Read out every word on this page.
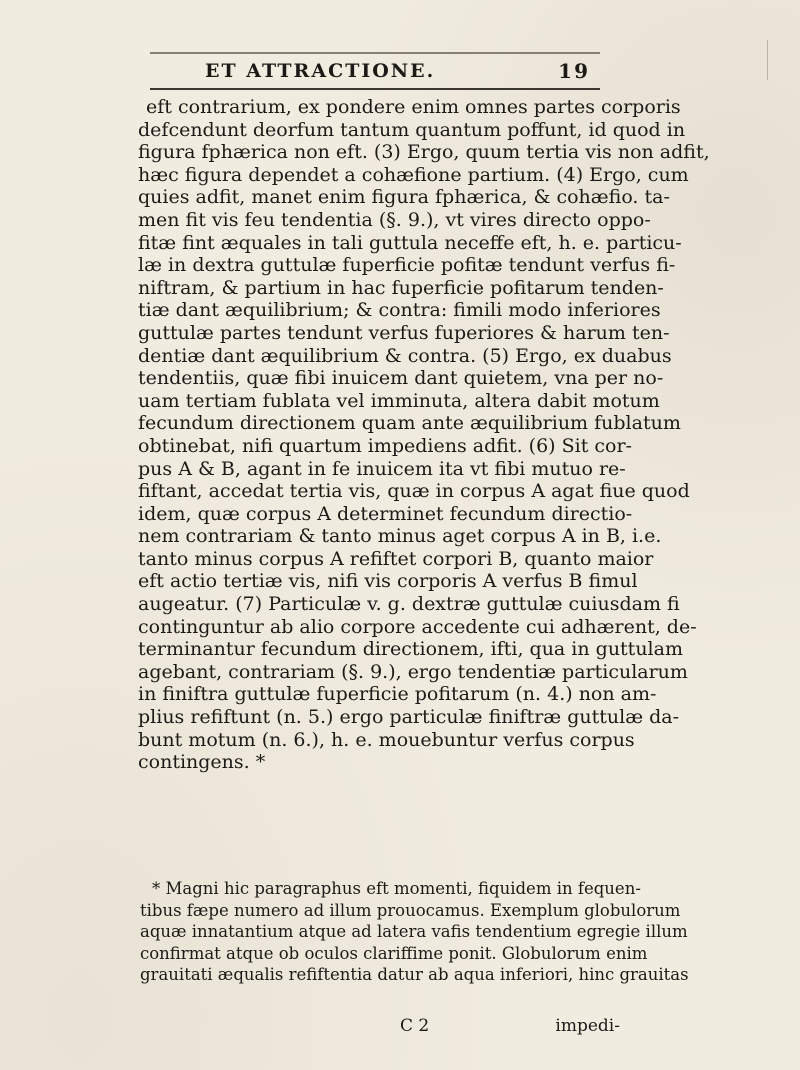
ET ATTRACTIONE.	19
eft contrarium, ex pondere enim omnes partes corporis
defcendunt deorfum tantum quantum poffunt, id quod in
figura fphærica non eft. (3) Ergo, quum tertia vis non adfit,
hæc figura dependet a cohæfione partium. (4) Ergo, cum
quies adfit, manet enim figura fphærica, & cohæfio. ta-
men fit vis feu tendentia (§. 9.), vt vires directo oppo-
fitæ fint æquales in tali guttula neceffe eft, h. e. particu-
læ in dextra guttulæ fuperficie pofitæ tendunt verfus fi-
niftram, & partium in hac fuperficie pofitarum tenden-
tiæ dant æquilibrium; & contra: fimili modo inferiores
guttulæ partes tendunt verfus fuperiores & harum ten-
dentiæ dant æquilibrium & contra. (5) Ergo, ex duabus
tendentiis, quæ fibi inuicem dant quietem, vna per no-
uam tertiam fublata vel imminuta, altera dabit motum
fecundum directionem quam ante æquilibrium fublatum
obtinebat, nifi quartum impediens adfit. (6) Sit cor-
pus A & B, agant in fe inuicem ita vt fibi mutuo re-
fiftant, accedat tertia vis, quæ in corpus A agat fiue quod
idem, quæ corpus A determinet fecundum directio-
nem contrariam & tanto minus aget corpus A in B, i.e.
tanto minus corpus A refiftet corpori B, quanto maior
eft actio tertiæ vis, nifi vis corporis A verfus B fimul
augeatur. (7) Particulæ v. g. dextræ guttulæ cuiusdam fi
continguntur ab alio corpore accedente cui adhærent, de-
terminantur fecundum directionem, ifti, qua in guttulam
agebant, contrariam (§. 9.), ergo tendentiæ particularum
in finiftra guttulæ fuperficie pofitarum (n. 4.) non am-
plius refiftunt (n. 5.) ergo particulæ finiftræ guttulæ da-
bunt motum (n. 6.), h. e. mouebuntur verfus corpus
contingens. *
* Magni hic paragraphus eft momenti, fiquidem in fequen-
tibus fæpe numero ad illum prouocamus. Exemplum globulorum
aquæ innatantium atque ad latera vafis tendentium egregie illum
confirmat atque ob oculos clariffime ponit. Globulorum enim
grauitati æqualis refiftentia datur ab aqua inferiori, hinc grauitas
C 2	impedi-
